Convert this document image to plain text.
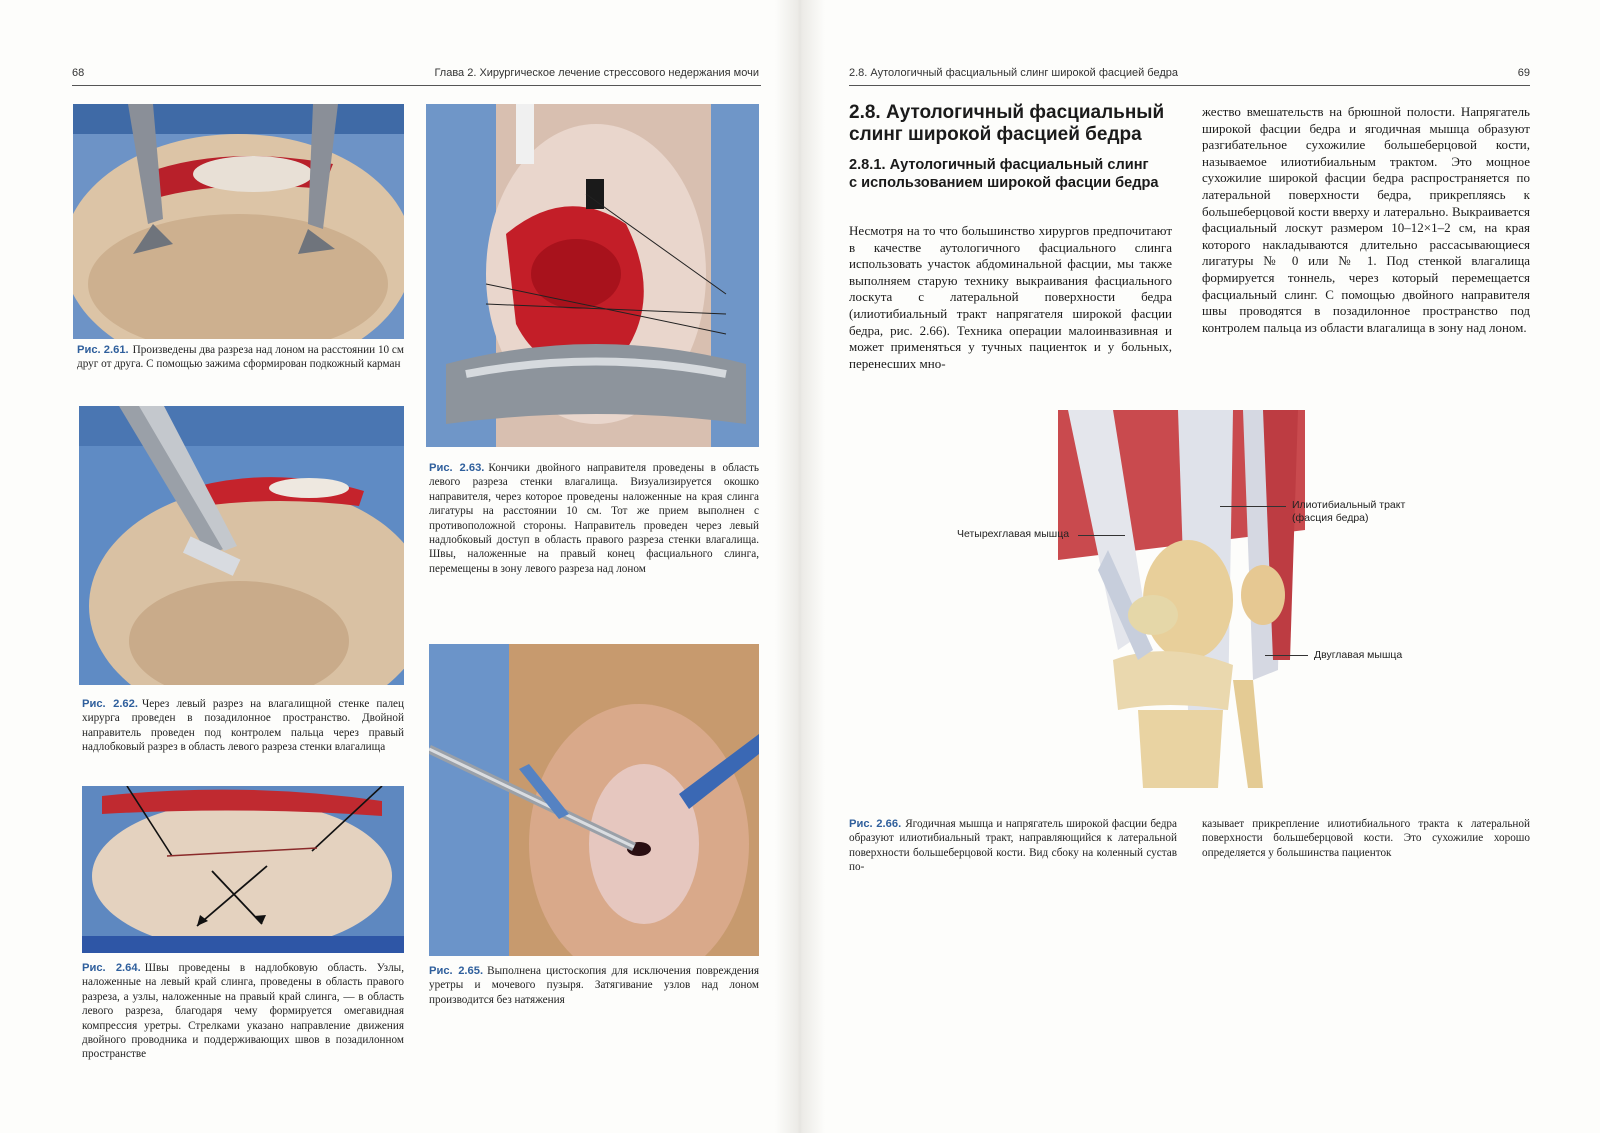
68	Глава 2. Хирургическое лечение стрессового недержания мочи	2.8. Аутологичный фасциальный слинг широкой фасцией бедра	69
Рис. 2.61. Произведены два разреза над лоном на расстоянии 10 см друг от друга. С помощью зажима сформирован подкожный карман
Рис. 2.62. Через левый разрез на влагалищной стенке палец хирурга проведен в позадилонное пространство. Двойной направитель проведен под контролем пальца через правый надлобковый разрез в область левого разреза стенки влагалища
Рис. 2.64. Швы проведены в надлобковую область. Узлы, наложенные на левый край слинга, проведены в область правого разреза, а узлы, наложенные на правый край слинга, — в область левого разреза, благодаря чему формируется омегавидная компрессия уретры. Стрелками указано направление движения двойного проводника и поддерживающих швов в позадилонном пространстве
Рис. 2.63. Кончики двойного направителя проведены в область левого разреза стенки влагалища. Визуализируется окошко направителя, через которое проведены наложенные на края слинга лигатуры на расстоянии 10 см. Тот же прием выполнен с противоположной стороны. Направитель проведен через левый надлобковый доступ в область правого разреза стенки влагалища. Швы, наложенные на правый конец фасциального слинга, перемещены в зону левого разреза над лоном
Рис. 2.65. Выполнена цистоскопия для исключения повреждения уретры и мочевого пузыря. Затягивание узлов над лоном производится без натяжения
2.8. Аутологичный фасциальный слинг широкой фасцией бедра
2.8.1. Аутологичный фасциальный слинг с использованием широкой фасции бедра
Несмотря на то что большинство хирургов предпочитают в качестве аутологичного фасциального слинга использовать участок абдоминальной фасции, мы также выполняем старую технику выкраивания фасциального лоскута с латеральной поверхности бедра (илиотибиальный тракт напрягателя широкой фасции бедра, рис. 2.66). Техника операции малоинвазивная и может применяться у тучных пациенток и у больных, перенесших мно-
жество вмешательств на брюшной полости. Напрягатель широкой фасции бедра и ягодичная мышца образуют разгибательное сухожилие большеберцовой кости, называемое илиотибиальным трактом. Это мощное сухожилие широкой фасции бедра распространяется по латеральной поверхности бедра, прикрепляясь к большеберцовой кости вверху и латерально. Выкраивается фасциальный лоскут размером 10–12×1–2 см, на края которого накладываются длительно рассасывающиеся лигатуры № 0 или № 1. Под стенкой влагалища формируется тоннель, через который перемещается фасциальный слинг. С помощью двойного направителя швы проводятся в позадилонное пространство под контролем пальца из области влагалища в зону над лоном.
Четырехглавая мышца
Илиотибиальный тракт
(фасция бедра)
Двуглавая мышца
Рис. 2.66. Ягодичная мышца и напрягатель широкой фасции бедра образуют илиотибиальный тракт, направляющийся к латеральной поверхности большеберцовой кости. Вид сбоку на коленный сустав по-
казывает прикрепление илиотибиального тракта к латеральной поверхности большеберцовой кости. Это сухожилие хорошо определяется у большинства пациенток
